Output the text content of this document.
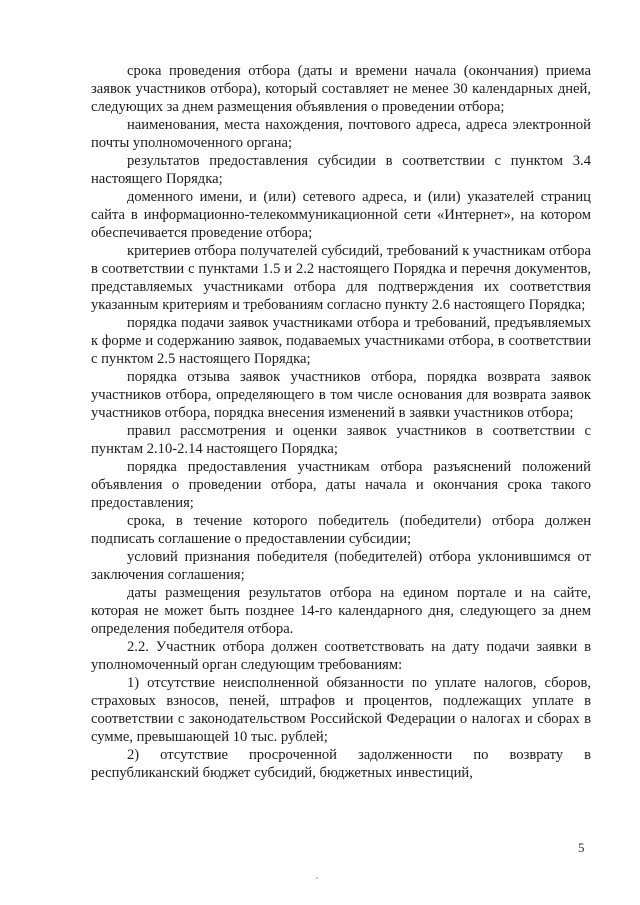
срока проведения отбора (даты и времени начала (окончания) приема заявок участников отбора), который составляет не менее 30 календарных дней, следующих за днем размещения объявления о проведении отбора;

наименования, места нахождения, почтового адреса, адреса электронной почты уполномоченного органа;

результатов предоставления субсидии в соответствии с пунктом 3.4 настоящего Порядка;

доменного имени, и (или) сетевого адреса, и (или) указателей страниц сайта в информационно-телекоммуникационной сети «Интернет», на котором обеспечивается проведение отбора;

критериев отбора получателей субсидий, требований к участникам отбора в соответствии с пунктами 1.5 и 2.2 настоящего Порядка и перечня документов, представляемых участниками отбора для подтверждения их соответствия указанным критериям и требованиям согласно пункту 2.6 настоящего Порядка;

порядка подачи заявок участниками отбора и требований, предъявляемых к форме и содержанию заявок, подаваемых участниками отбора, в соответствии с пунктом 2.5 настоящего Порядка;

порядка отзыва заявок участников отбора, порядка возврата заявок участников отбора, определяющего в том числе основания для возврата заявок участников отбора, порядка внесения изменений в заявки участников отбора;

правил рассмотрения и оценки заявок участников в соответствии с пунктам 2.10-2.14 настоящего Порядка;

порядка предоставления участникам отбора разъяснений положений объявления о проведении отбора, даты начала и окончания срока такого предоставления;

срока, в течение которого победитель (победители) отбора должен подписать соглашение о предоставлении субсидии;

условий признания победителя (победителей) отбора уклонившимся от заключения соглашения;

даты размещения результатов отбора на едином портале и на сайте, которая не может быть позднее 14-го календарного дня, следующего за днем определения победителя отбора.

2.2. Участник отбора должен соответствовать на дату подачи заявки в уполномоченный орган следующим требованиям:

1) отсутствие неисполненной обязанности по уплате налогов, сборов, страховых взносов, пеней, штрафов и процентов, подлежащих уплате в соответствии с законодательством Российской Федерации о налогах и сборах в сумме, превышающей 10 тыс. рублей;

2) отсутствие просроченной задолженности по возврату в республиканский бюджет субсидий, бюджетных инвестиций,

5
